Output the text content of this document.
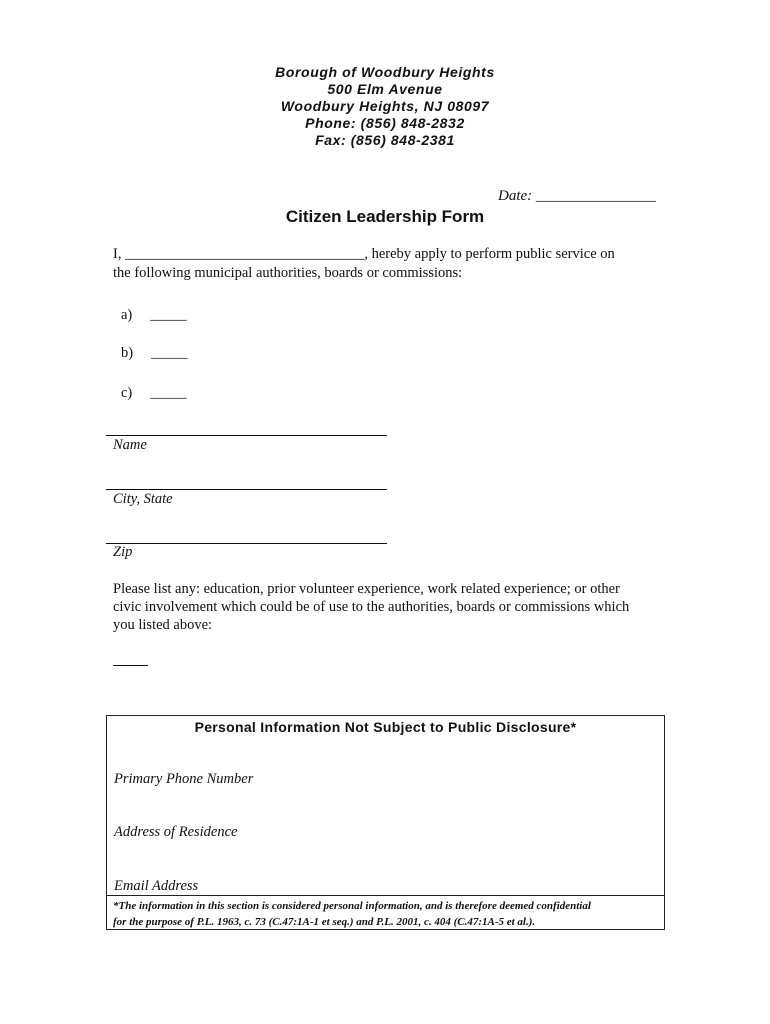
Borough of Woodbury Heights
500 Elm Avenue
Woodbury Heights, NJ 08097
Phone: (856) 848-2832
Fax: (856) 848-2381
Date: ________________
Citizen Leadership Form
I, _________________________________, hereby apply to perform public service on
the following municipal authorities, boards or commissions:
a) _____
b) _____
c) _____
Name
City, State
Zip
Please list any: education, prior volunteer experience, work related experience; or other
civic involvement which could be of use to the authorities, boards or commissions which
you listed above:
Personal Information Not Subject to Public Disclosure*
Primary Phone Number
Address of Residence
Email Address
*The information in this section is considered personal information, and is therefore deemed confidential
for the purpose of P.L. 1963, c. 73 (C.47:1A-1 et seq.) and P.L. 2001, c. 404 (C.47:1A-5 et al.).
